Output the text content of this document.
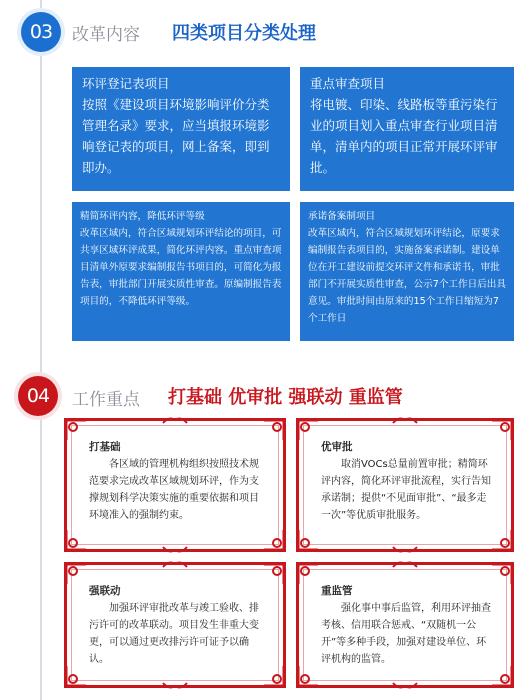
03 改革内容 四类项目分类处理
环评登记表项目
按照《建设项目环境影响评价分类管理名录》要求，应当填报环境影响登记表的项目，网上备案，即到即办。
重点审查项目
将电镀、印染、线路板等重污染行业的项目划入重点审查行业项目清单，清单内的项目正常开展环评审批。
精简环评内容，降低环评等级
改革区域内，符合区域规划环评结论的项目，可共享区域环评成果，简化环评内容。重点审查项目清单外原要求编制报告书项目的，可简化为报告表，审批部门开展实质性审查。原编制报告表项目的，不降低环评等级。
承诺备案制项目
改革区域内，符合区域规划环评结论，原要求编制报告表项目的，实施备案承诺制。建设单位在开工建设前提交环评文件和承诺书，审批部门不开展实质性审查，公示7个工作日后出具意见。审批时间由原来的15个工作日缩短为7个工作日
04 工作重点 打基础 优审批 强联动 重监管
打基础
各区域的管理机构组织按照技术规范要求完成改革区域规划环评，作为支撑规划科学决策实施的重要依据和项目环境准入的强制约束。
优审批
取消VOCs总量前置审批；精简环评内容，简化环评审批流程，实行告知承诺制；提供“不见面审批”、“最多走一次”等优质审批服务。
强联动
加强环评审批改革与竣工验收、排污许可的改革联动。项目发生非重大变更，可以通过更改排污许可证予以确认。
重监管
强化事中事后监管，利用环评抽查考核、信用联合惩戒、“双随机一公开”等多种手段，加强对建设单位、环评机构的监管。
